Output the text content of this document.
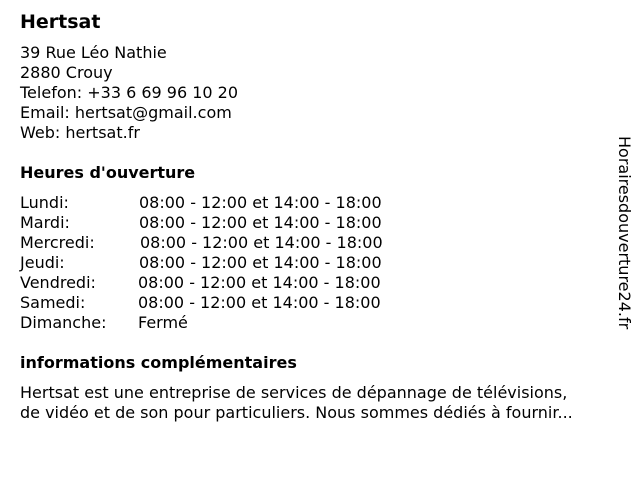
Hertsat
39 Rue Léo Nathie
2880 Crouy
Telefon: +33 6 69 96 10 20
Email: hertsat@gmail.com
Web: hertsat.fr
Heures d'ouverture
Lundi:	08:00 - 12:00 et 14:00 - 18:00
Mardi:	08:00 - 12:00 et 14:00 - 18:00
Mercredi:	08:00 - 12:00 et 14:00 - 18:00
Jeudi:	08:00 - 12:00 et 14:00 - 18:00
Vendredi:	08:00 - 12:00 et 14:00 - 18:00
Samedi:	08:00 - 12:00 et 14:00 - 18:00
Dimanche: Fermé
informations complémentaires
Hertsat est une entreprise de services de dépannage de télévisions,
de vidéo et de son pour particuliers. Nous sommes dédiés à fournir...
Horairesdouverture24.fr
